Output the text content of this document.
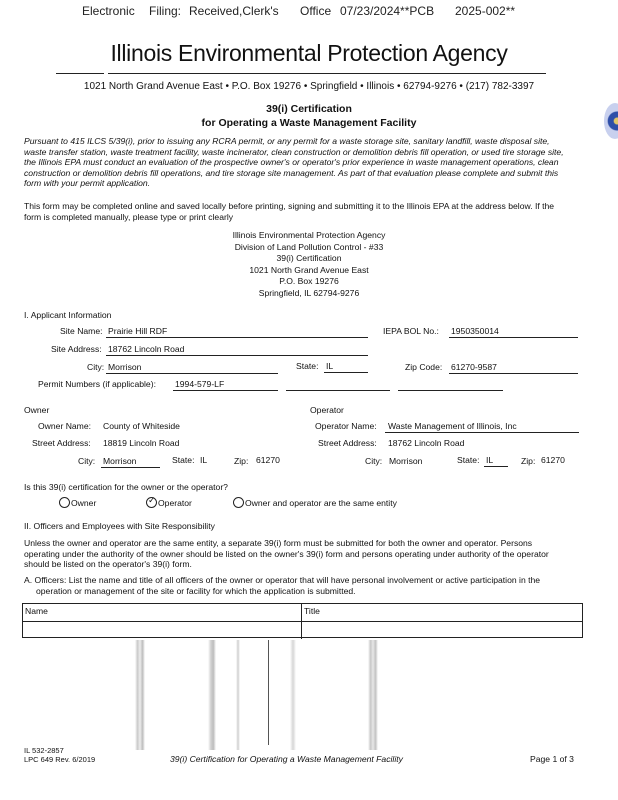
Electronic Filing: Received,Clerk's Office 07/23/2024**PCB 2025-002**
Illinois Environmental Protection Agency
1021 North Grand Avenue East • P.O. Box 19276 • Springfield • Illinois • 62794-9276 • (217) 782-3397
39(i) Certification
for Operating a Waste Management Facility
Pursuant to 415 ILCS 5/39(i), prior to issuing any RCRA permit, or any permit for a waste storage site, sanitary landfill, waste disposal site, waste transfer station, waste treatment facility, waste incinerator, clean construction or demolition debris fill operation, or used tire storage site, the Illinois EPA must conduct an evaluation of the prospective owner's or operator's prior experience in waste management operations, clean construction or demolition debris fill operations, and tire storage site management. As part of that evaluation please complete and submit this form with your permit application.
This form may be completed online and saved locally before printing, signing and submitting it to the Illinois EPA at the address below. If the form is completed manually, please type or print clearly
Illinois Environmental Protection Agency
Division of Land Pollution Control - #33
39(i) Certification
1021 North Grand Avenue East
P.O. Box 19276
Springfield, IL 62794-9276
I. Applicant Information
Site Name: Prairie Hill RDF	IEPA BOL No.: 1950350014
Site Address: 18762 Lincoln Road
City: Morrison	State: IL	Zip Code: 61270-9587
Permit Numbers (if applicable): 1994-579-LF
Owner	Operator
Owner Name: County of Whiteside	Operator Name: Waste Management of Illinois, Inc
Street Address: 18819 Lincoln Road	Street Address: 18762 Lincoln Road
City: Morrison	State: IL	Zip: 61270	City: Morrison	State: IL	Zip: 61270
Is this 39(i) certification for the owner or the operator?
Owner	✓ Operator	Owner and operator are the same entity
II. Officers and Employees with Site Responsibility
Unless the owner and operator are the same entity, a separate 39(i) form must be submitted for both the owner and operator. Persons operating under the authority of the owner should be listed on the owner's 39(i) form and persons operating under authority of the operator should be listed on the operator's 39(i) form.
A. Officers: List the name and title of all officers of the owner or operator that will have personal involvement or active participation in the operation or management of the site or facility for which the application is submitted.
Name	Title
IL 532-2857
LPC 649 Rev. 6/2019	39(i) Certification for Operating a Waste Management Facility	Page 1 of 3
